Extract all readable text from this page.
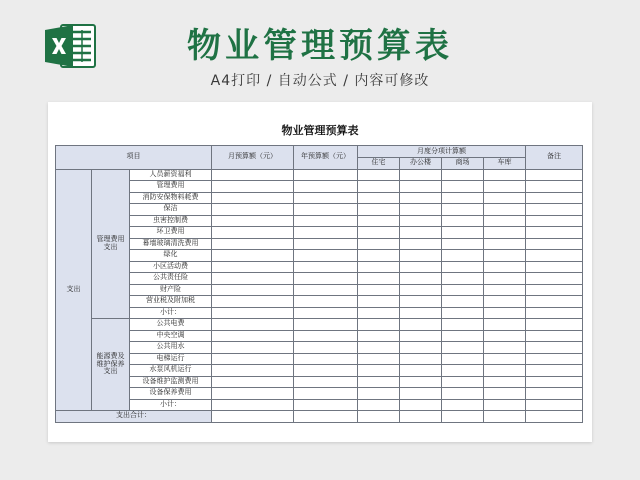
物业管理预算表
A4打印 / 自动公式 / 内容可修改
物业管理预算表
项目			月预算额（元）	年预算额（元）	月度分项计算额				备注
					住宅	办公楼	商场	车库	
支出	管理费用支出	人员薪资福利							
		管理费用							
		消防安保物料耗费							
		保洁							
		虫害控制费							
		环卫费用							
		幕墙玻璃清洗费用							
		绿化							
		小区活动费							
		公共责任险							
		财产险							
		营业税及附加税							
		小计：							
	能源费及维护保养支出	公共电费							
		中央空调							
		公共用水							
		电梯运行							
		水泵风机运行							
		设备维护监测费用							
		设备保养费用							
		小计：							
支出合计：									
